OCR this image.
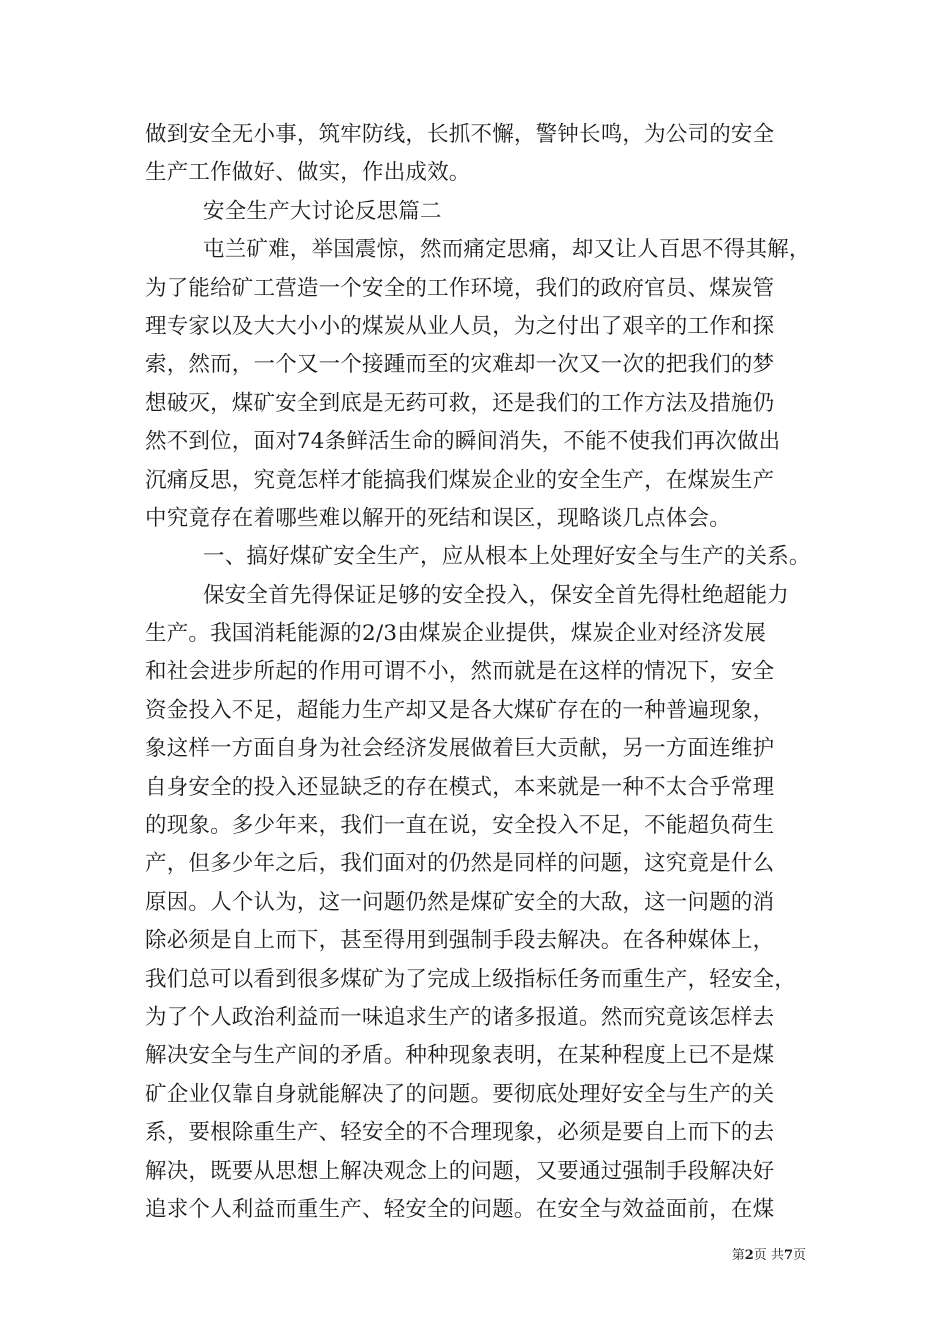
做到安全无小事，筑牢防线，长抓不懈，警钟长鸣，为公司的安全
生产工作做好、做实，作出成效。
安全生产大讨论反思篇二
屯兰矿难，举国震惊，然而痛定思痛，却又让人百思不得其解，
为了能给矿工营造一个安全的工作环境，我们的政府官员、煤炭管
理专家以及大大小小的煤炭从业人员，为之付出了艰辛的工作和探
索，然而，一个又一个接踵而至的灾难却一次又一次的把我们的梦
想破灭，煤矿安全到底是无药可救，还是我们的工作方法及措施仍
然不到位，面对74条鲜活生命的瞬间消失，不能不使我们再次做出
沉痛反思，究竟怎样才能搞我们煤炭企业的安全生产，在煤炭生产
中究竟存在着哪些难以解开的死结和误区，现略谈几点体会。
一、搞好煤矿安全生产，应从根本上处理好安全与生产的关系。
保安全首先得保证足够的安全投入，保安全首先得杜绝超能力
生产。我国消耗能源的2/3由煤炭企业提供，煤炭企业对经济发展
和社会进步所起的作用可谓不小，然而就是在这样的情况下，安全
资金投入不足，超能力生产却又是各大煤矿存在的一种普遍现象，
象这样一方面自身为社会经济发展做着巨大贡献，另一方面连维护
自身安全的投入还显缺乏的存在模式，本来就是一种不太合乎常理
的现象。多少年来，我们一直在说，安全投入不足，不能超负荷生
产，但多少年之后，我们面对的仍然是同样的问题，这究竟是什么
原因。人个认为，这一问题仍然是煤矿安全的大敌，这一问题的消
除必须是自上而下，甚至得用到强制手段去解决。在各种媒体上，
我们总可以看到很多煤矿为了完成上级指标任务而重生产，轻安全，
为了个人政治利益而一味追求生产的诸多报道。然而究竟该怎样去
解决安全与生产间的矛盾。种种现象表明，在某种程度上已不是煤
矿企业仅靠自身就能解决了的问题。要彻底处理好安全与生产的关
系，要根除重生产、轻安全的不合理现象，必须是要自上而下的去
解决，既要从思想上解决观念上的问题，又要通过强制手段解决好
追求个人利益而重生产、轻安全的问题。在安全与效益面前，在煤
第2页 共7页
